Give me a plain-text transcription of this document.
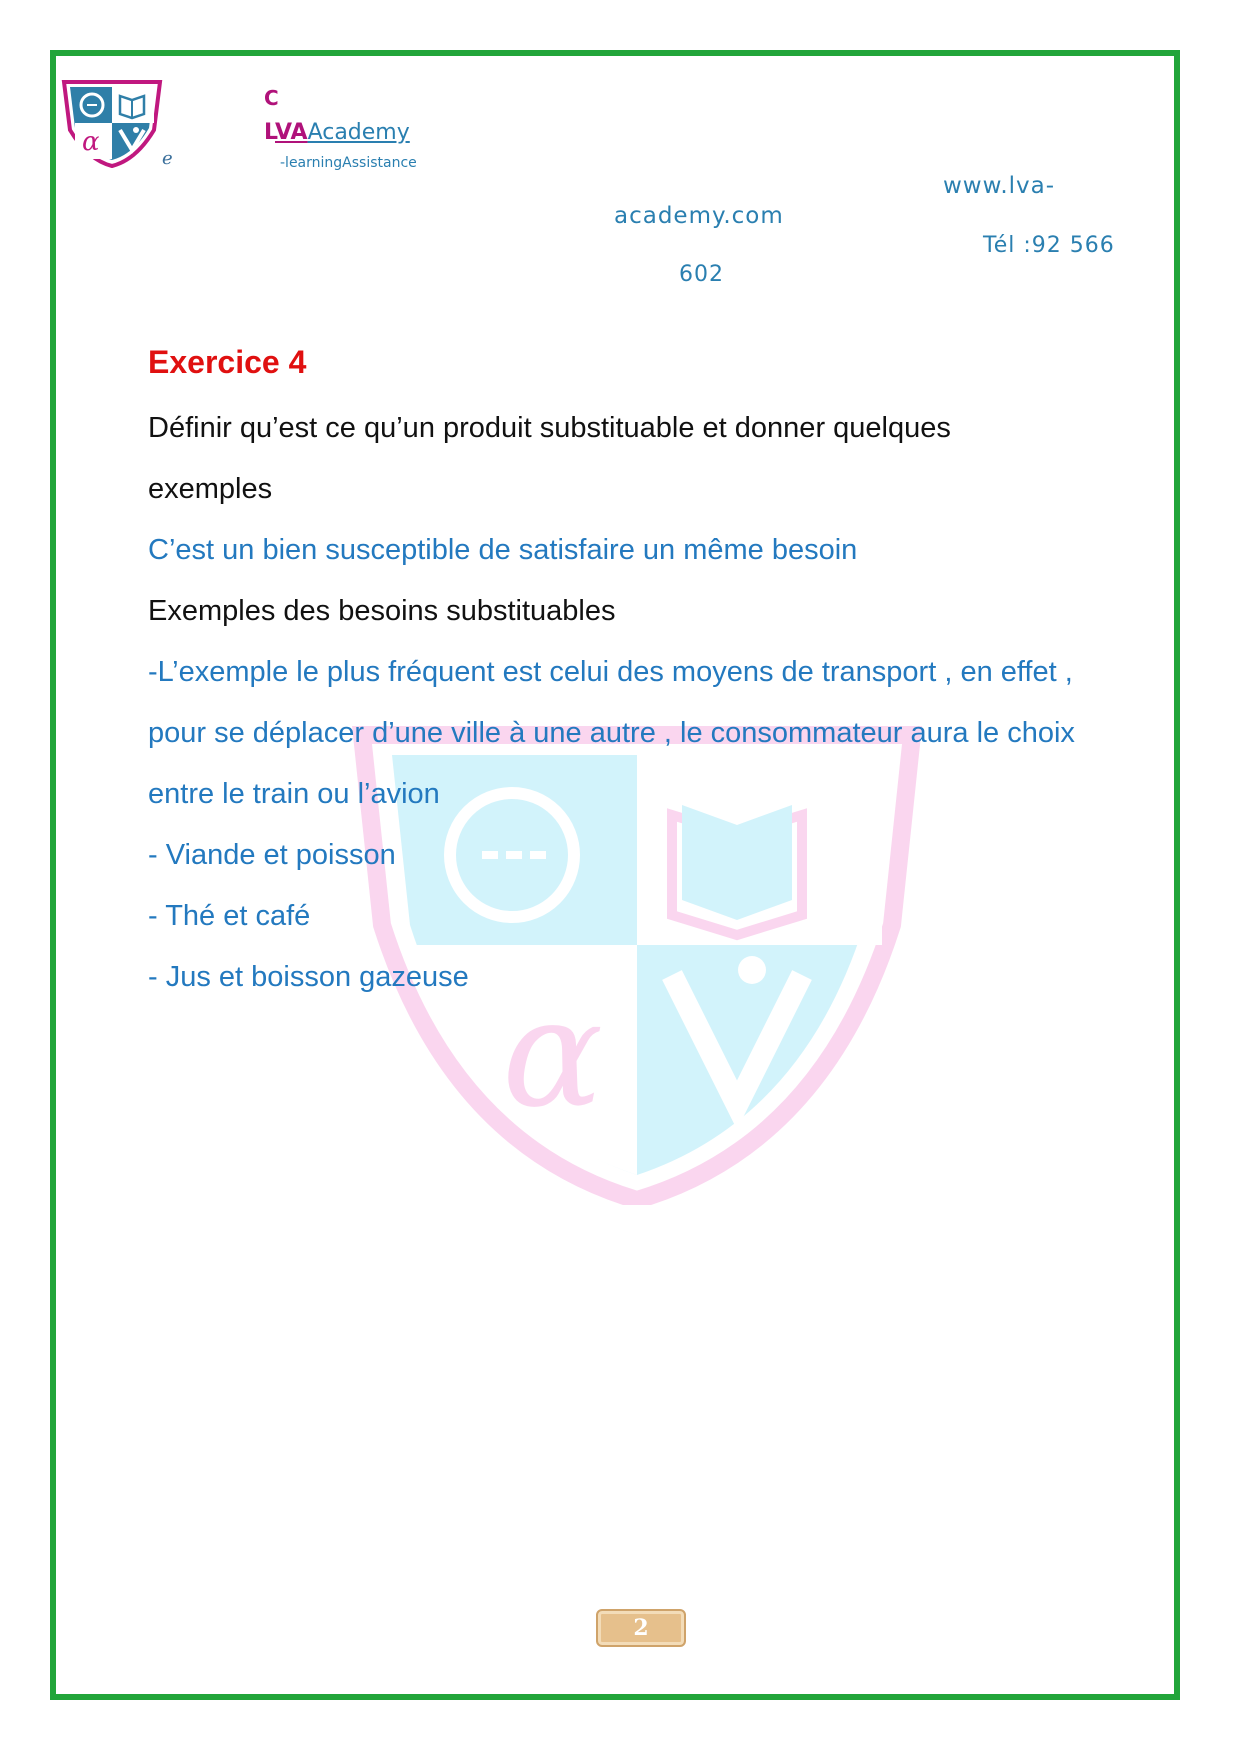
α
e
C
LVAAcademy
-learningAssistance
www.lva-
academy.com
Tél :92 566
602
α
Exercice 4
Définir qu’est ce qu’un produit substituable et donner quelques
exemples
C’est un bien susceptible de satisfaire un même besoin
Exemples des besoins substituables
-L’exemple le plus fréquent est celui des moyens de transport , en effet ,
pour se déplacer d’une ville à une autre , le consommateur aura le choix
entre le train ou l’avion
- Viande et poisson
- Thé et café
- Jus et boisson gazeuse
2
